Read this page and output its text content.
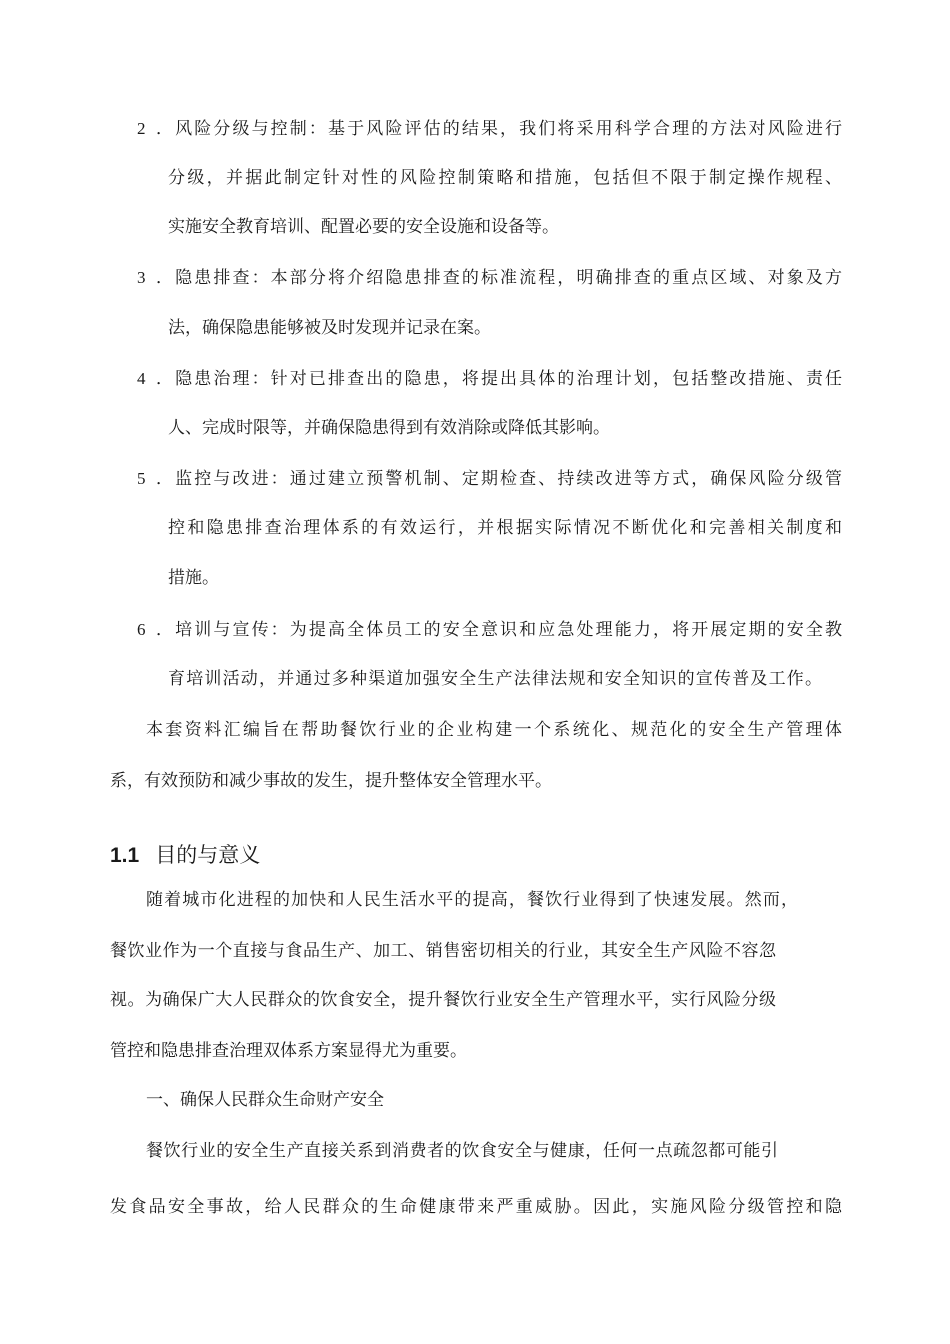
2 ．风险分级与控制：基于风险评估的结果，我们将采用科学合理的方法对风险进行
分级，并据此制定针对性的风险控制策略和措施，包括但不限于制定操作规程、
实施安全教育培训、配置必要的安全设施和设备等。
3 ．隐患排查：本部分将介绍隐患排查的标准流程，明确排查的重点区域、对象及方
法，确保隐患能够被及时发现并记录在案。
4 ．隐患治理：针对已排查出的隐患，将提出具体的治理计划，包括整改措施、责任
人、完成时限等，并确保隐患得到有效消除或降低其影响。
5 ．监控与改进：通过建立预警机制、定期检查、持续改进等方式，确保风险分级管
控和隐患排查治理体系的有效运行，并根据实际情况不断优化和完善相关制度和
措施。
6 ．培训与宣传：为提高全体员工的安全意识和应急处理能力，将开展定期的安全教
育培训活动，并通过多种渠道加强安全生产法律法规和安全知识的宣传普及工作。
本套资料汇编旨在帮助餐饮行业的企业构建一个系统化、规范化的安全生产管理体
系，有效预防和减少事故的发生，提升整体安全管理水平。
1.1 目的与意义
随着城市化进程的加快和人民生活水平的提高，餐饮行业得到了快速发展。然而，
餐饮业作为一个直接与食品生产、加工、销售密切相关的行业，其安全生产风险不容忽
视。为确保广大人民群众的饮食安全，提升餐饮行业安全生产管理水平，实行风险分级
管控和隐患排查治理双体系方案显得尤为重要。
一、确保人民群众生命财产安全
餐饮行业的安全生产直接关系到消费者的饮食安全与健康，任何一点疏忽都可能引
发食品安全事故，给人民群众的生命健康带来严重威胁。因此，实施风险分级管控和隐
